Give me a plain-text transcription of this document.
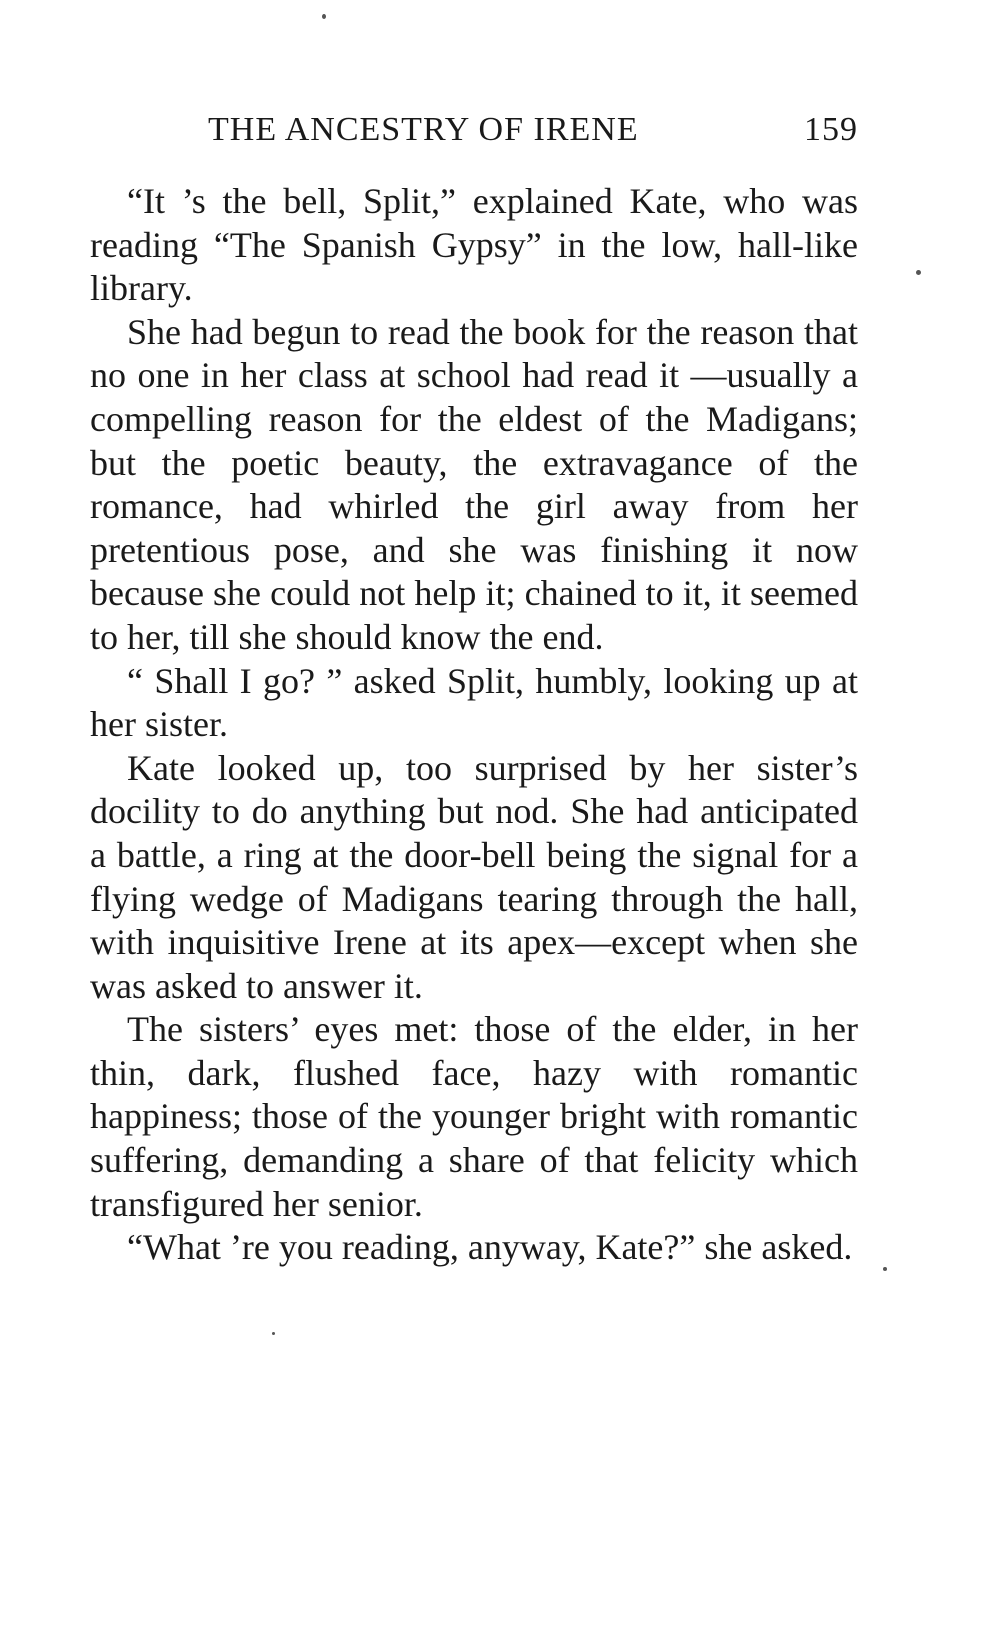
THE ANCESTRY OF IRENE	159

“It ’s the bell, Split,” explained Kate, who was reading “The Spanish Gypsy” in the low, hall-like library.

She had begun to read the book for the reason that no one in her class at school had read it —usually a compelling reason for the eldest of the Madigans; but the poetic beauty, the extravagance of the romance, had whirled the girl away from her pretentious pose, and she was finishing it now because she could not help it; chained to it, it seemed to her, till she should know the end.

“ Shall I go? ” asked Split, humbly, looking up at her sister.

Kate looked up, too surprised by her sister’s docility to do anything but nod. She had anticipated a battle, a ring at the door-bell being the signal for a flying wedge of Madigans tearing through the hall, with inquisitive Irene at its apex—except when she was asked to answer it.

The sisters’ eyes met: those of the elder, in her thin, dark, flushed face, hazy with romantic happiness; those of the younger bright with romantic suffering, demanding a share of that felicity which transfigured her senior.

“What ’re you reading, anyway, Kate?” she asked.
